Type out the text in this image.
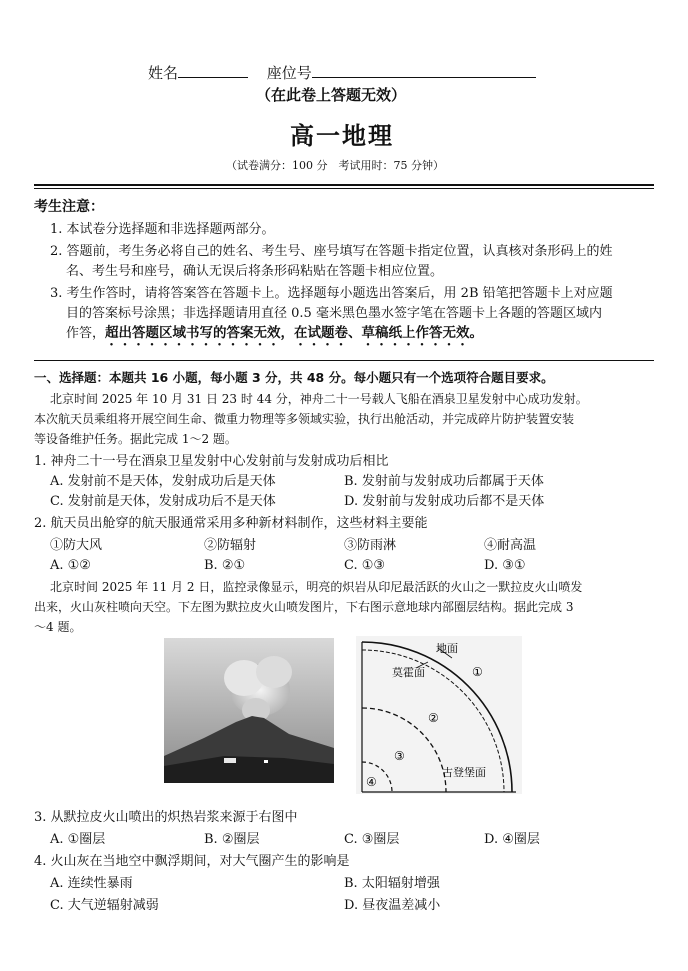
姓名	座位号
（在此卷上答题无效）
高一地理
（试卷满分：100 分　考试用时：75 分钟）
考生注意：
1. 本试卷分选择题和非选择题两部分。
2. 答题前，考生务必将自己的姓名、考生号、座号填写在答题卡指定位置，认真核对条形码上的姓
名、考生号和座号，确认无误后将条形码粘贴在答题卡相应位置。
3. 考生作答时，请将答案答在答题卡上。选择题每小题选出答案后，用 2B 铅笔把答题卡上对应题
目的答案标号涂黑；非选择题请用直径 0.5 毫米黑色墨水签字笔在答题卡上各题的答题区域内
作答，超出答题区域书写的答案无效，在试题卷、草稿纸上作答无效。
一、选择题：本题共 16 小题，每小题 3 分，共 48 分。每小题只有一个选项符合题目要求。
北京时间 2025 年 10 月 31 日 23 时 44 分，神舟二十一号载人飞船在酒泉卫星发射中心成功发射。
本次航天员乘组将开展空间生命、微重力物理等多领域实验，执行出舱活动，并完成碎片防护装置安装
等设备维护任务。据此完成 1～2 题。
1. 神舟二十一号在酒泉卫星发射中心发射前与发射成功后相比
A. 发射前不是天体，发射成功后是天体	B. 发射前与发射成功后都属于天体
C. 发射前是天体，发射成功后不是天体	D. 发射前与发射成功后都不是天体
2. 航天员出舱穿的航天服通常采用多种新材料制作，这些材料主要能
①防大风	②防辐射	③防雨淋	④耐高温
A. ①②	B. ②①	C. ①③	D. ③①
北京时间 2025 年 11 月 2 日，监控录像显示，明亮的炽岩从印尼最活跃的火山之一默拉皮火山喷发
出来，火山灰柱喷向天空。下左图为默拉皮火山喷发图片，下右图示意地球内部圈层结构。据此完成 3
～4 题。
地面
莫霍面	①
②
③
④
古登堡面
3. 从默拉皮火山喷出的炽热岩浆来源于右图中
A. ①圈层	B. ②圈层	C. ③圈层	D. ④圈层
4. 火山灰在当地空中飘浮期间，对大气圈产生的影响是
A. 连续性暴雨	B. 太阳辐射增强
C. 大气逆辐射减弱	D. 昼夜温差减小
